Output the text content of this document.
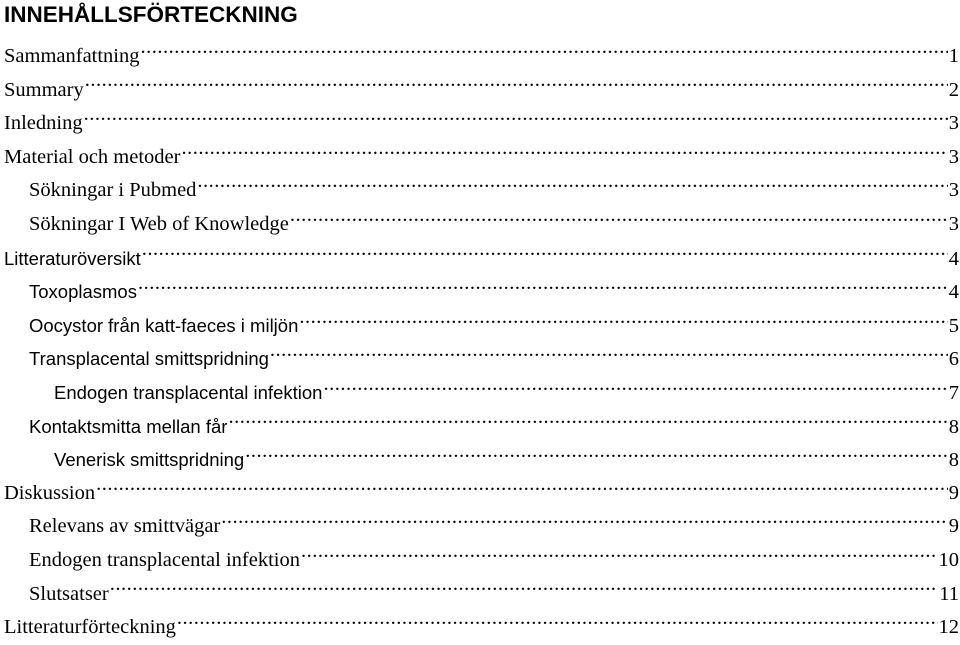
INNEHÅLLSFÖRTECKNING
Sammanfattning .....	1
Summary .....	2
Inledning .....	3
Material och metoder .....	3
Sökningar i Pubmed .....	3
Sökningar I Web of Knowledge .....	3
Litteraturöversikt .....	4
Toxoplasmos .....	4
Oocystor från katt-faeces i miljön .....	5
Transplacental smittspridning .....	6
Endogen transplacental infektion .....	7
Kontaktsmitta mellan får .....	8
Venerisk smittspridning .....	8
Diskussion .....	9
Relevans av smittvägar .....	9
Endogen transplacental infektion .....	10
Slutsatser .....	11
Litteraturförteckning .....	12
